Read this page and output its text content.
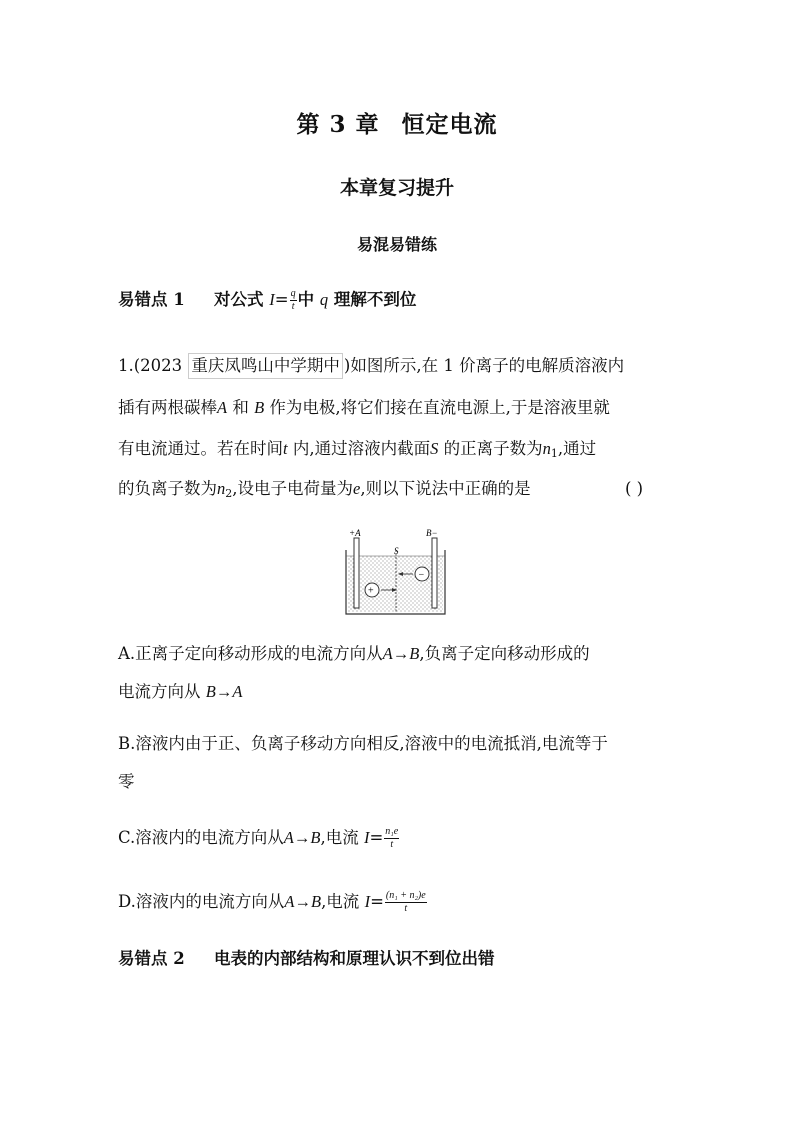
第 3 章 恒定电流
本章复习提升
易混易错练
易错点 1 对公式 $I= \frac{q}{t}$ 中 q 理解不到位
1.(2023 重庆凤鸣山中学期中 )如图所示,在 1 价离子的电解质溶液内
插有两根碳棒A 和 B 作为电极,将它们接在直流电源上,于是溶液里就
有电流通过。若在时间t 内,通过溶液内截面S 的正离子数为$n_1$,通过
的负离子数为$n_2$,设电子电荷量为e,则以下说法中正确的是	( )
+A	B−
S
−
+
A.正离子定向移动形成的电流方向从A→B,负离子定向移动形成的
电流方向从 B→A
B.溶液内由于正、负离子移动方向相反,溶液中的电流抵消,电流等于
零
C.溶液内的电流方向从A→B,电流 $I= \frac{\text{n₁e}}{t}$
D.溶液内的电流方向从A→B,电流 $I= \frac{\text{(n₁ + n₂)e}}{t}$
易错点 2 电表的内部结构和原理认识不到位出错
